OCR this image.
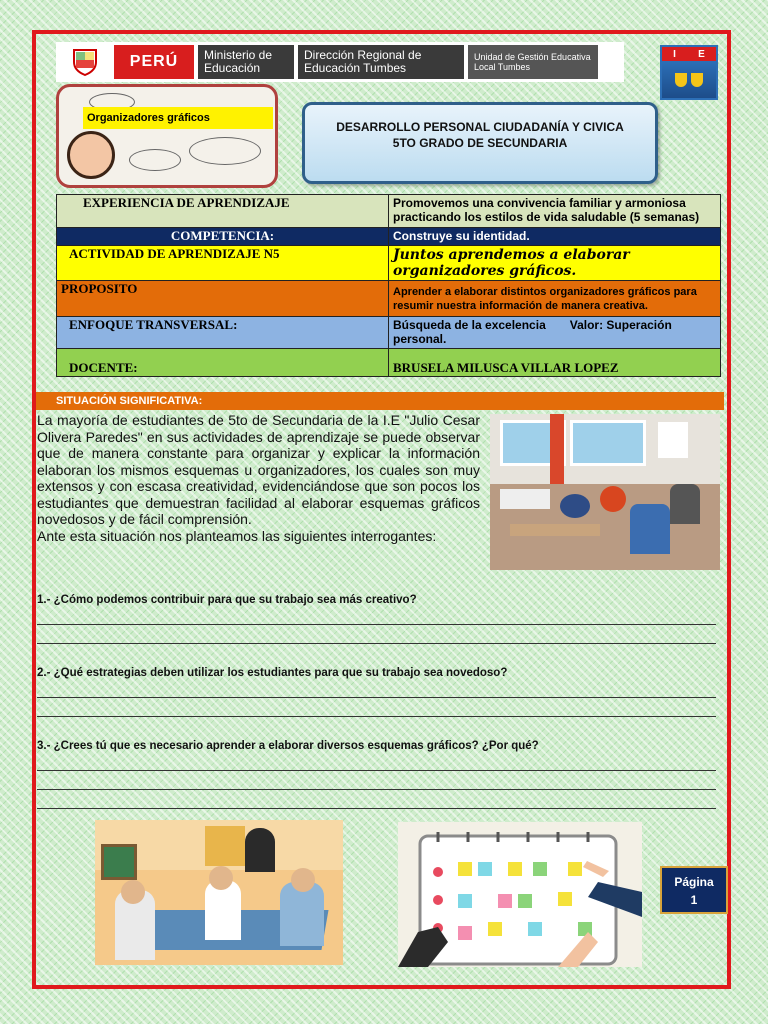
PERÚ	Ministerio de Educación
Dirección Regional de Educación Tumbes
Unidad de Gestión Educativa Local Tumbes
I E
Organizadores gráficos
DESARROLLO PERSONAL CIUDADANÍA Y CIVICA
5TO GRADO DE SECUNDARIA
EXPERIENCIA DE APRENDIZAJE	Promovemos una convivencia familiar y armoniosa practicando los estilos de vida saludable (5 semanas)
COMPETENCIA:	Construye su identidad.
ACTIVIDAD DE APRENDIZAJE N5	Juntos aprendemos a elaborar organizadores gráficos.
PROPOSITO	Aprender a elaborar distintos organizadores gráficos para resumir nuestra información de manera creativa.
ENFOQUE TRANSVERSAL:	Búsqueda de la excelencia Valor: Superación personal.
DOCENTE:	BRUSELA MILUSCA VILLAR LOPEZ
SITUACIÓN SIGNIFICATIVA:
La mayoría de estudiantes de 5to de Secundaria de la I.E "Julio Cesar Olivera Paredes" en sus actividades de aprendizaje se puede observar que de manera constante para organizar y explicar la información elaboran los mismos esquemas u organizadores, los cuales son muy extensos y con escasa creatividad, evidenciándose que son pocos los estudiantes que demuestran facilidad al elaborar esquemas gráficos novedosos y de fácil comprensión.
Ante esta situación nos planteamos las siguientes interrogantes:
1.- ¿Cómo podemos contribuir para que su trabajo sea más creativo?
2.- ¿Qué estrategias deben utilizar los estudiantes para que su trabajo sea novedoso?
3.- ¿Crees tú que es necesario aprender a elaborar diversos esquemas gráficos? ¿Por qué?
Página
1
